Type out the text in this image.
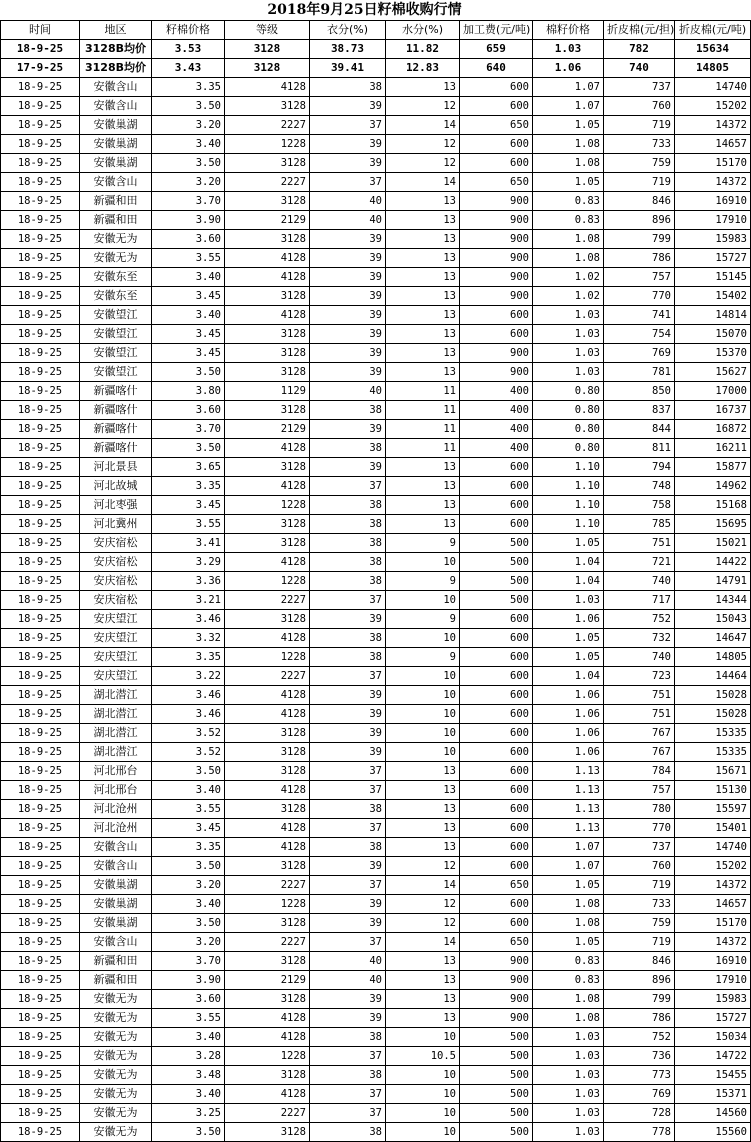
2018年9月25日籽棉收购行情
时间	地区	籽棉价格	等级	衣分(%)	水分(%)	加工费(元/吨)	棉籽价格	折皮棉(元/担)	折皮棉(元/吨)
18-9-25	3128B均价	3.53	3128	38.73	11.82	659	1.03	782	15634
17-9-25	3128B均价	3.43	3128	39.41	12.83	640	1.06	740	14805
18-9-25	安徽含山	3.35	4128	38	13	600	1.07	737	14740
18-9-25	安徽含山	3.50	3128	39	12	600	1.07	760	15202
18-9-25	安徽巢湖	3.20	2227	37	14	650	1.05	719	14372
18-9-25	安徽巢湖	3.40	1228	39	12	600	1.08	733	14657
18-9-25	安徽巢湖	3.50	3128	39	12	600	1.08	759	15170
18-9-25	安徽含山	3.20	2227	37	14	650	1.05	719	14372
18-9-25	新疆和田	3.70	3128	40	13	900	0.83	846	16910
18-9-25	新疆和田	3.90	2129	40	13	900	0.83	896	17910
18-9-25	安徽无为	3.60	3128	39	13	900	1.08	799	15983
18-9-25	安徽无为	3.55	4128	39	13	900	1.08	786	15727
18-9-25	安徽东至	3.40	4128	39	13	900	1.02	757	15145
18-9-25	安徽东至	3.45	3128	39	13	900	1.02	770	15402
18-9-25	安徽望江	3.40	4128	39	13	600	1.03	741	14814
18-9-25	安徽望江	3.45	3128	39	13	600	1.03	754	15070
18-9-25	安徽望江	3.45	3128	39	13	900	1.03	769	15370
18-9-25	安徽望江	3.50	3128	39	13	900	1.03	781	15627
18-9-25	新疆喀什	3.80	1129	40	11	400	0.80	850	17000
18-9-25	新疆喀什	3.60	3128	38	11	400	0.80	837	16737
18-9-25	新疆喀什	3.70	2129	39	11	400	0.80	844	16872
18-9-25	新疆喀什	3.50	4128	38	11	400	0.80	811	16211
18-9-25	河北景县	3.65	3128	39	13	600	1.10	794	15877
18-9-25	河北故城	3.35	4128	37	13	600	1.10	748	14962
18-9-25	河北枣强	3.45	1228	38	13	600	1.10	758	15168
18-9-25	河北冀州	3.55	3128	38	13	600	1.10	785	15695
18-9-25	安庆宿松	3.41	3128	38	9	500	1.05	751	15021
18-9-25	安庆宿松	3.29	4128	38	10	500	1.04	721	14422
18-9-25	安庆宿松	3.36	1228	38	9	500	1.04	740	14791
18-9-25	安庆宿松	3.21	2227	37	10	500	1.03	717	14344
18-9-25	安庆望江	3.46	3128	39	9	600	1.06	752	15043
18-9-25	安庆望江	3.32	4128	38	10	600	1.05	732	14647
18-9-25	安庆望江	3.35	1228	38	9	600	1.05	740	14805
18-9-25	安庆望江	3.22	2227	37	10	600	1.04	723	14464
18-9-25	湖北潜江	3.46	4128	39	10	600	1.06	751	15028
18-9-25	湖北潜江	3.46	4128	39	10	600	1.06	751	15028
18-9-25	湖北潜江	3.52	3128	39	10	600	1.06	767	15335
18-9-25	湖北潜江	3.52	3128	39	10	600	1.06	767	15335
18-9-25	河北邢台	3.50	3128	37	13	600	1.13	784	15671
18-9-25	河北邢台	3.40	4128	37	13	600	1.13	757	15130
18-9-25	河北沧州	3.55	3128	38	13	600	1.13	780	15597
18-9-25	河北沧州	3.45	4128	37	13	600	1.13	770	15401
18-9-25	安徽含山	3.35	4128	38	13	600	1.07	737	14740
18-9-25	安徽含山	3.50	3128	39	12	600	1.07	760	15202
18-9-25	安徽巢湖	3.20	2227	37	14	650	1.05	719	14372
18-9-25	安徽巢湖	3.40	1228	39	12	600	1.08	733	14657
18-9-25	安徽巢湖	3.50	3128	39	12	600	1.08	759	15170
18-9-25	安徽含山	3.20	2227	37	14	650	1.05	719	14372
18-9-25	新疆和田	3.70	3128	40	13	900	0.83	846	16910
18-9-25	新疆和田	3.90	2129	40	13	900	0.83	896	17910
18-9-25	安徽无为	3.60	3128	39	13	900	1.08	799	15983
18-9-25	安徽无为	3.55	4128	39	13	900	1.08	786	15727
18-9-25	安徽无为	3.40	4128	38	10	500	1.03	752	15034
18-9-25	安徽无为	3.28	1228	37	10.5	500	1.03	736	14722
18-9-25	安徽无为	3.48	3128	38	10	500	1.03	773	15455
18-9-25	安徽无为	3.40	4128	37	10	500	1.03	769	15371
18-9-25	安徽无为	3.25	2227	37	10	500	1.03	728	14560
18-9-25	安徽无为	3.50	3128	38	10	500	1.03	778	15560
